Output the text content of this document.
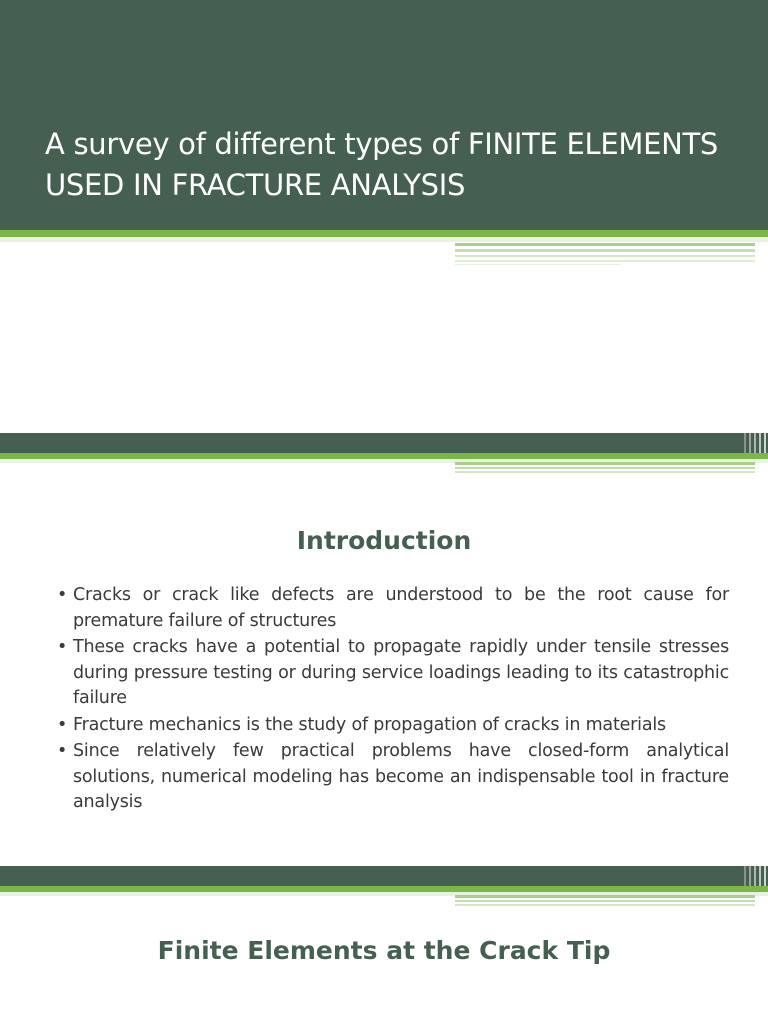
A survey of different types of FINITE ELEMENTS USED IN FRACTURE ANALYSIS
Introduction
• Cracks or crack like defects are understood to be the root cause for premature failure of structures
• These cracks have a potential to propagate rapidly under tensile stresses during pressure testing or during service loadings leading to its catastrophic failure
• Fracture mechanics is the study of propagation of cracks in materials
• Since relatively few practical problems have closed-form analytical solutions, numerical modeling has become an indispensable tool in fracture analysis
Finite Elements at the Crack Tip
